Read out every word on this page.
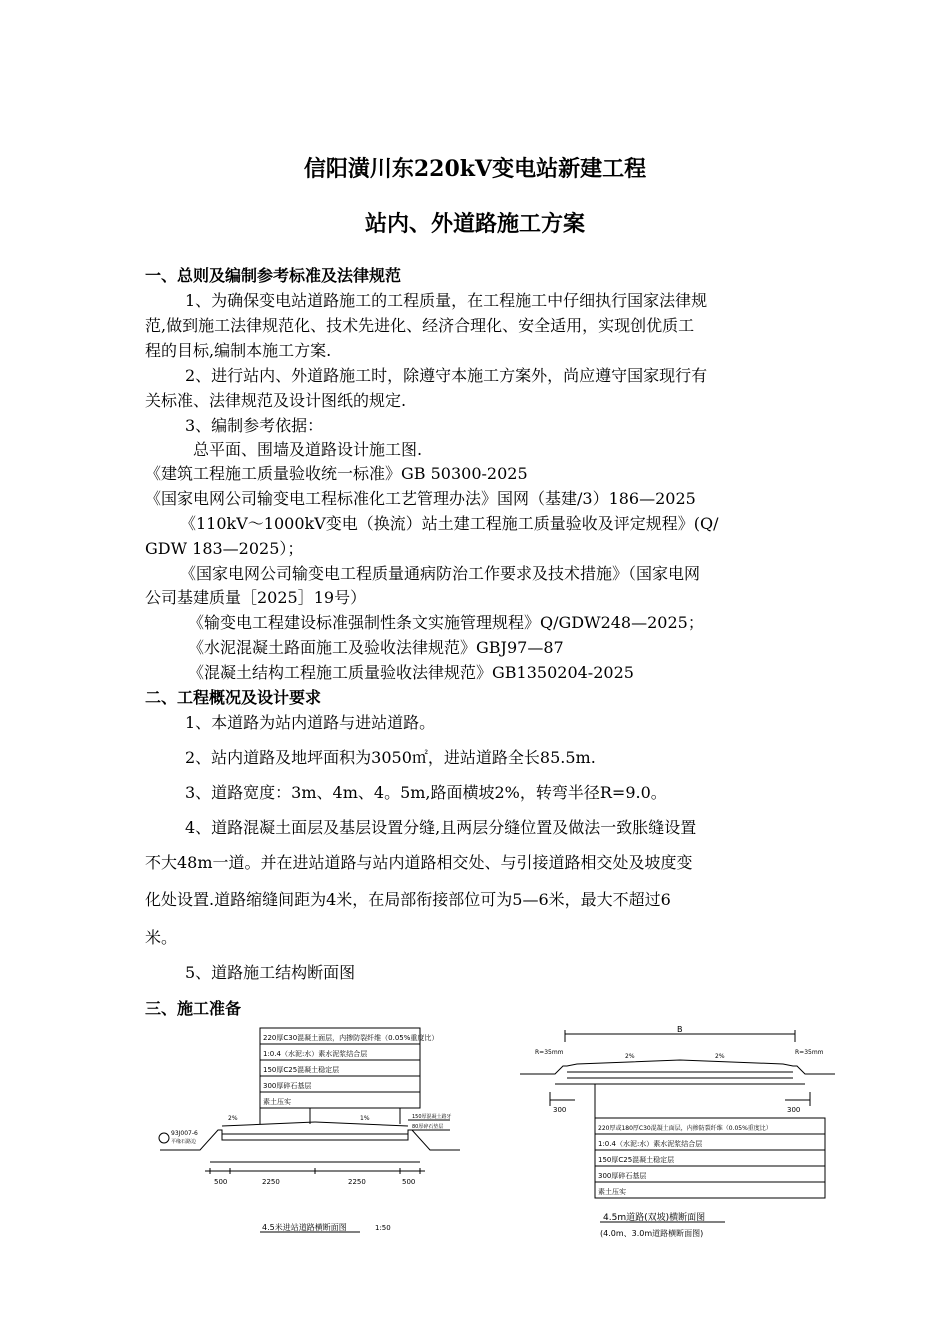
信阳潢川东220kV变电站新建工程
站内、外道路施工方案
一、总则及编制参考标准及法律规范
1、为确保变电站道路施工的工程质量，在工程施工中仔细执行国家法律规
范,做到施工法律规范化、技术先进化、经济合理化、安全适用，实现创优质工
程的目标,编制本施工方案.
2、进行站内、外道路施工时，除遵守本施工方案外，尚应遵守国家现行有
关标准、法律规范及设计图纸的规定.
3、编制参考依据：
总平面、围墙及道路设计施工图.
《建筑工程施工质量验收统一标准》GB 50300-2025
《国家电网公司输变电工程标准化工艺管理办法》国网（基建/3）186—2025
《110kV～1000kV变电（换流）站土建工程施工质量验收及评定规程》(Q/
GDW 183—2025）；
《国家电网公司输变电工程质量通病防治工作要求及技术措施》（国家电网
公司基建质量［2025］19号）
《输变电工程建设标准强制性条文实施管理规程》Q/GDW248—2025；
《水泥混凝土路面施工及验收法律规范》GBJ97—87
《混凝土结构工程施工质量验收法律规范》GB1350204-2025
二、工程概况及设计要求
1、本道路为站内道路与进站道路。
2、站内道路及地坪面积为3050㎡，进站道路全长85.5m.
3、道路宽度：3m、4m、4。5m,路面横坡2%，转弯半径R=9.0。
4、道路混凝土面层及基层设置分缝,且两层分缝位置及做法一致胀缝设置
不大48m一道。并在进站道路与站内道路相交处、与引接道路相交处及坡度变
化处设置.道路缩缝间距为4米，在局部衔接部位可为5—6米，最大不超过6
米。
5、道路施工结构断面图
三、施工准备
220厚C30混凝土面层，内掺防裂纤维（0.05%重度比）
1:0.4（水泥:水）素水泥浆结合层
150厚C25混凝土稳定层
300厚碎石基层
素土压实
2%	1%
93J007-6
平缘石路边
150厚混凝土路牙
80厚碎石垫层
500	2250	2250	500
4.5米进站道路横断面图	1:50
B
R=35mm	R=35mm
2%	2%
300	300
220厚或180厚C30混凝土面层，内掺防裂纤维（0.05%重度比）
1:0.4（水泥:水）素水泥浆结合层
150厚C25混凝土稳定层
300厚碎石基层
素土压实
4.5m道路(双坡)横断面图
(4.0m、3.0m道路横断面图)
